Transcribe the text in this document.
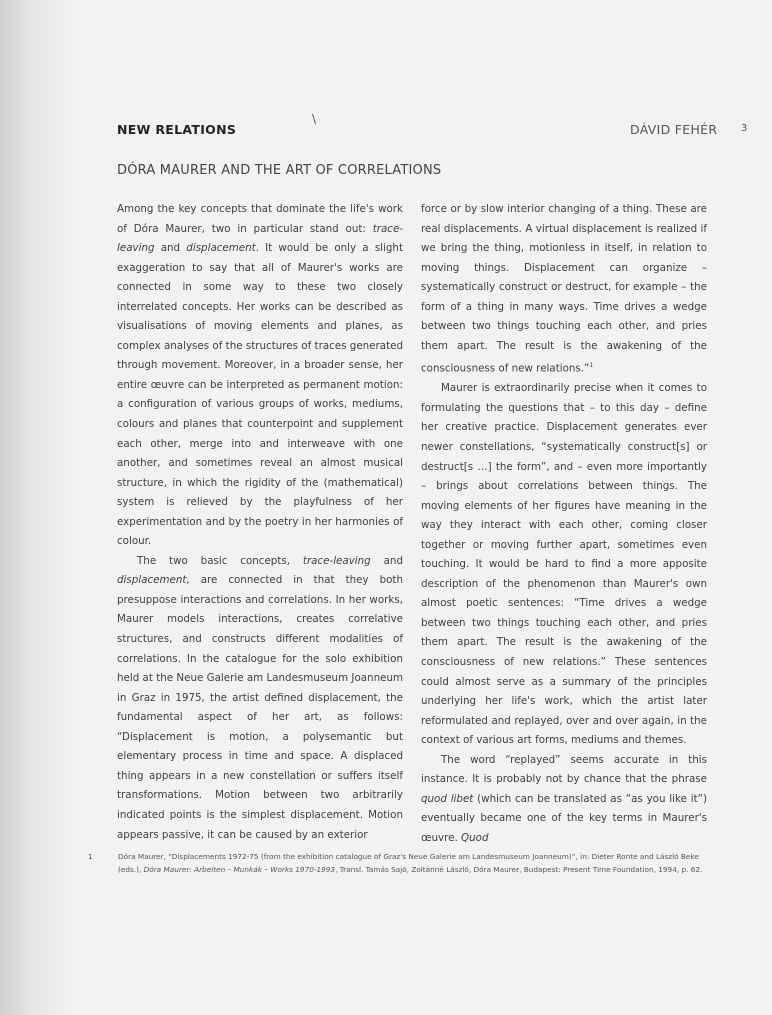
NEW RELATIONS
\
DÁVID FEHÉR 3
DÓRA MAURER AND THE ART OF CORRELATIONS

Among the key concepts that dominate the life's work of Dóra Maurer, two in particular stand out: trace-leaving and displacement. It would be only a slight exaggeration to say that all of Maurer's works are connected in some way to these two closely interrelated concepts. Her works can be described as visualisations of moving elements and planes, as complex analyses of the structures of traces generated through movement. Moreover, in a broader sense, her entire œuvre can be interpreted as permanent motion: a configuration of various groups of works, mediums, colours and planes that counterpoint and supplement each other, merge into and interweave with one another, and sometimes reveal an almost musical structure, in which the rigidity of the (mathematical) system is relieved by the playfulness of her experimentation and by the poetry in her harmonies of colour.

The two basic concepts, trace-leaving and displacement, are connected in that they both presuppose interactions and correlations. In her works, Maurer models interactions, creates correlative structures, and constructs different modalities of correlations. In the catalogue for the solo exhibition held at the Neue Galerie am Landesmuseum Joanneum in Graz in 1975, the artist defined displacement, the fundamental aspect of her art, as follows: “Displacement is motion, a polysemantic but elementary process in time and space. A displaced thing appears in a new constellation or suffers itself transformations. Motion between two arbitrarily indicated points is the simplest displacement. Motion appears passive, it can be caused by an exterior

force or by slow interior changing of a thing. These are real displacements. A virtual displacement is realized if we bring the thing, motionless in itself, in relation to moving things. Displacement can organize – systematically construct or destruct, for example – the form of a thing in many ways. Time drives a wedge between two things touching each other, and pries them apart. The result is the awakening of the consciousness of new relations.”$^1$

Maurer is extraordinarily precise when it comes to formulating the questions that – to this day – define her creative practice. Displacement generates ever newer constellations, “systematically construct[s] or destruct[s …] the form”, and – even more importantly – brings about correlations between things. The moving elements of her figures have meaning in the way they interact with each other, coming closer together or moving further apart, sometimes even touching. It would be hard to find a more apposite description of the phenomenon than Maurer's own almost poetic sentences: “Time drives a wedge between two things touching each other, and pries them apart. The result is the awakening of the consciousness of new relations.” These sentences could almost serve as a summary of the principles underlying her life's work, which the artist later reformulated and replayed, over and over again, in the context of various art forms, mediums and themes.

The word “replayed” seems accurate in this instance. It is probably not by chance that the phrase quod libet (which can be translated as “as you like it”) eventually became one of the key terms in Maurer's œuvre. Quod

1	Dóra Maurer, “Displacements 1972-75 (from the exhibition catalogue of Graz's Neue Galerie am Landesmuseum Joanneum)”, in: Dieter Ronte and László Beke (eds.), Dóra Maurer: Arbeiten – Munkák – Works 1970-1993, Transl. Tamás Sajó, Zoltánné László, Dóra Maurer, Budapest: Present Time Foundation, 1994, p. 62.
